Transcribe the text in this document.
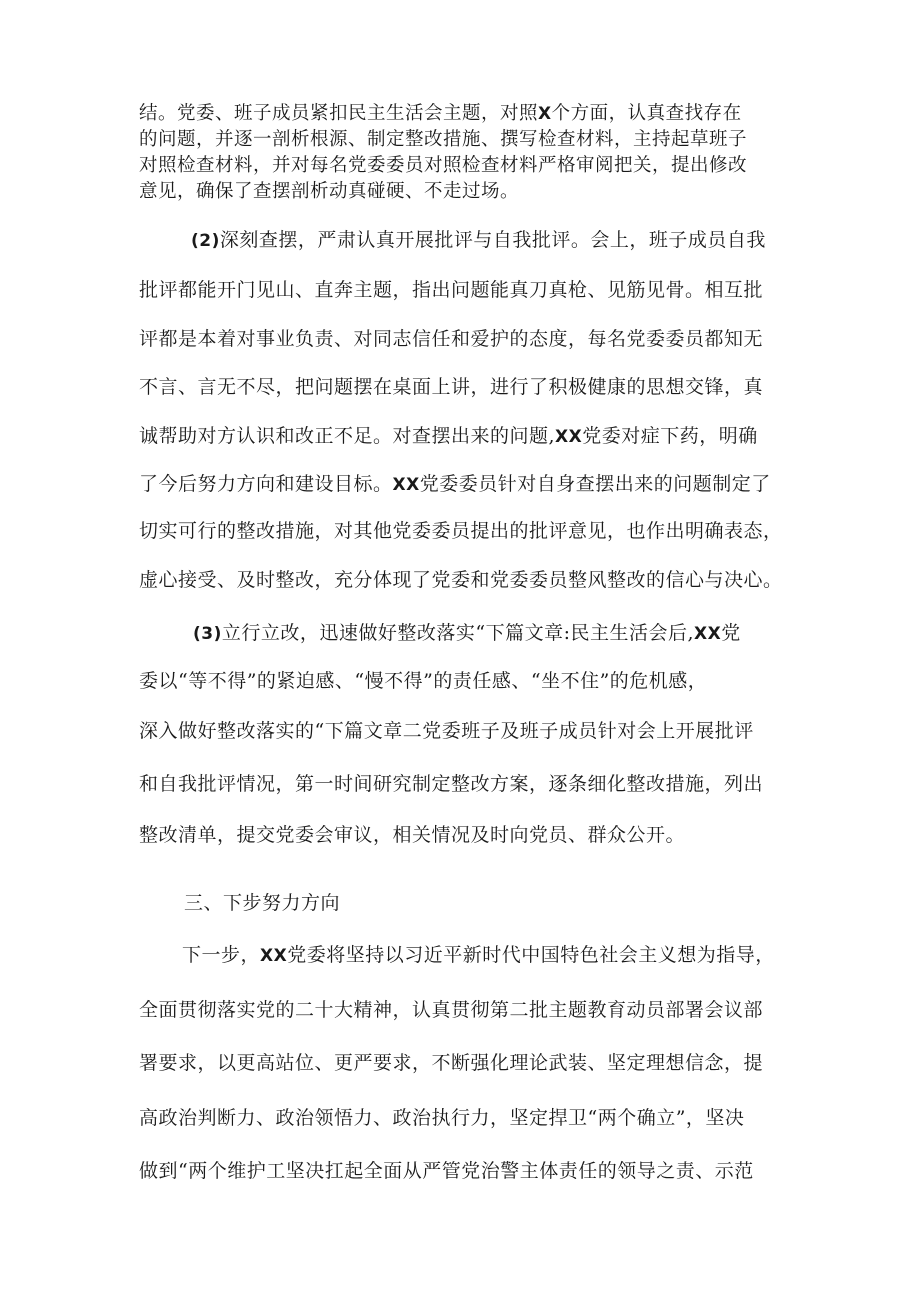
结。党委、班子成员紧扣民主生活会主题，对照X个方面，认真查找存在
的问题，并逐一剖析根源、制定整改措施、撰写检查材料，主持起草班子
对照检查材料，并对每名党委委员对照检查材料严格审阅把关，提出修改
意见，确保了查摆剖析动真碰硬、不走过场。
(2)深刻查摆，严肃认真开展批评与自我批评。会上，班子成员自我
批评都能开门见山、直奔主题，指出问题能真刀真枪、见筋见骨。相互批
评都是本着对事业负责、对同志信任和爱护的态度，每名党委委员都知无
不言、言无不尽，把问题摆在桌面上讲，进行了积极健康的思想交锋，真
诚帮助对方认识和改正不足。对查摆出来的问题,XX党委对症下药，明确
了今后努力方向和建设目标。XX党委委员针对自身查摆出来的问题制定了
切实可行的整改措施，对其他党委委员提出的批评意见，也作出明确表态，
虚心接受、及时整改，充分体现了党委和党委委员整风整改的信心与决心。
(3)立行立改，迅速做好整改落实“下篇文章:民主生活会后,XX党
委以“等不得”的紧迫感、“慢不得”的责任感、“坐不住”的危机感，
深入做好整改落实的“下篇文章二党委班子及班子成员针对会上开展批评
和自我批评情况，第一时间研究制定整改方案，逐条细化整改措施，列出
整改清单，提交党委会审议，相关情况及时向党员、群众公开。
三、下步努力方向
下一步，XX党委将坚持以习近平新时代中国特色社会主义想为指导，
全面贯彻落实党的二十大精神，认真贯彻第二批主题教育动员部署会议部
署要求，以更高站位、更严要求，不断强化理论武装、坚定理想信念，提
高政治判断力、政治领悟力、政治执行力，坚定捍卫“两个确立”，坚决
做到“两个维护工坚决扛起全面从严管党治警主体责任的领导之责、示范
